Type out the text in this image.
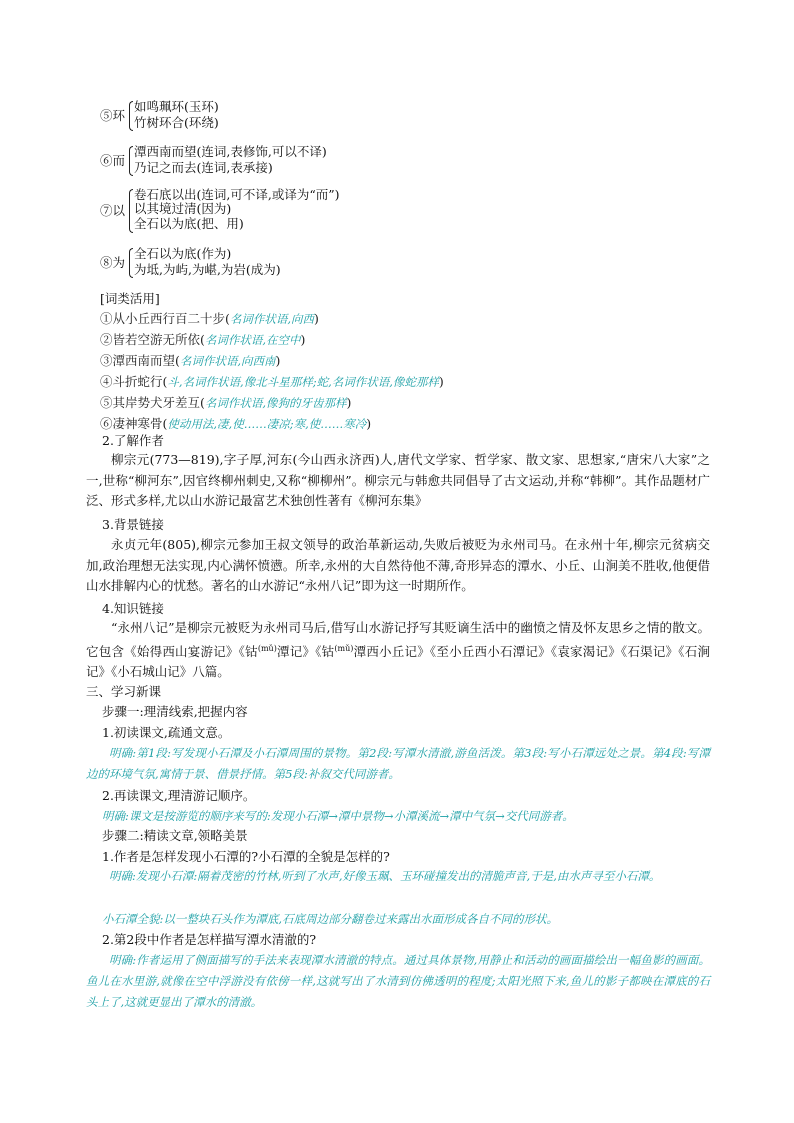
⑤环
如鸣珮环(玉环)
竹树环合(环绕)
⑥而
潭西南而望(连词,表修饰,可以不译)
乃记之而去(连词,表承接)
⑦以
卷石底以出(连词,可不译,或译为“而”)
以其境过清(因为)
全石以为底(把、用)
⑧为
全石以为底(作为)
为坻,为屿,为嵁,为岩(成为)
[词类活用]
①从小丘西行百二十步(名词作状语,向西)
②皆若空游无所依(名词作状语,在空中)
③潭西南而望(名词作状语,向西南)
④斗折蛇行(斗,名词作状语,像北斗星那样;蛇,名词作状语,像蛇那样)
⑤其岸势犬牙差互(名词作状语,像狗的牙齿那样)
⑥凄神寒骨(使动用法,凄,使……凄凉;寒,使……寒冷)
2.了解作者
柳宗元(773—819),字子厚,河东(今山西永济西)人,唐代文学家、哲学家、散文家、思想家,“唐宋八大家”之一,世称“柳河东”,因官终柳州刺史,又称“柳柳州”。柳宗元与韩愈共同倡导了古文运动,并称“韩柳”。其作品题材广泛、形式多样,尤以山水游记最富艺术独创性著有《柳河东集》
3.背景链接
永贞元年(805),柳宗元参加王叔文领导的政治革新运动,失败后被贬为永州司马。在永州十年,柳宗元贫病交加,政治理想无法实现,内心满怀愤懑。所幸,永州的大自然待他不薄,奇形异态的潭水、小丘、山涧美不胜收,他便借山水排解内心的忧愁。著名的山水游记“永州八记”即为这一时期所作。
4.知识链接
“永州八记”是柳宗元被贬为永州司马后,借写山水游记抒写其贬谪生活中的幽愤之情及怀友思乡之情的散文。它包含《始得西山宴游记》《钴$^{(mǔ)}$潭记》《钴$^{(mǔ)}$潭西小丘记》《至小丘西小石潭记》《袁家渴记》《石渠记》《石涧记》《小石城山记》八篇。
三、学习新课
步骤一:理清线索,把握内容
1.初读课文,疏通文意。
明确:第1段:写发现小石潭及小石潭周围的景物。第2段:写潭水清澈,游鱼活泼。第3段:写小石潭远处之景。第4段:写潭边的环境气氛,寓情于景、借景抒情。第5段:补叙交代同游者。
2.再读课文,理清游记顺序。
明确:课文是按游览的顺序来写的:发现小石潭→潭中景物→小潭溪流→潭中气氛→交代同游者。
步骤二:精读文章,领略美景
1.作者是怎样发现小石潭的?小石潭的全貌是怎样的?
明确:发现小石潭:隔着茂密的竹林,听到了水声,好像玉珮、玉环碰撞发出的清脆声音,于是,由水声寻至小石潭。
小石潭全貌:以一整块石头作为潭底,石底周边部分翻卷过来露出水面形成各自不同的形状。
2.第2段中作者是怎样描写潭水清澈的?
明确:作者运用了侧面描写的手法来表现潭水清澈的特点。通过具体景物,用静止和活动的画面描绘出一幅鱼影的画面。鱼儿在水里游,就像在空中浮游没有依傍一样,这就写出了水清到仿佛透明的程度;太阳光照下来,鱼儿的影子都映在潭底的石头上了,这就更显出了潭水的清澈。
